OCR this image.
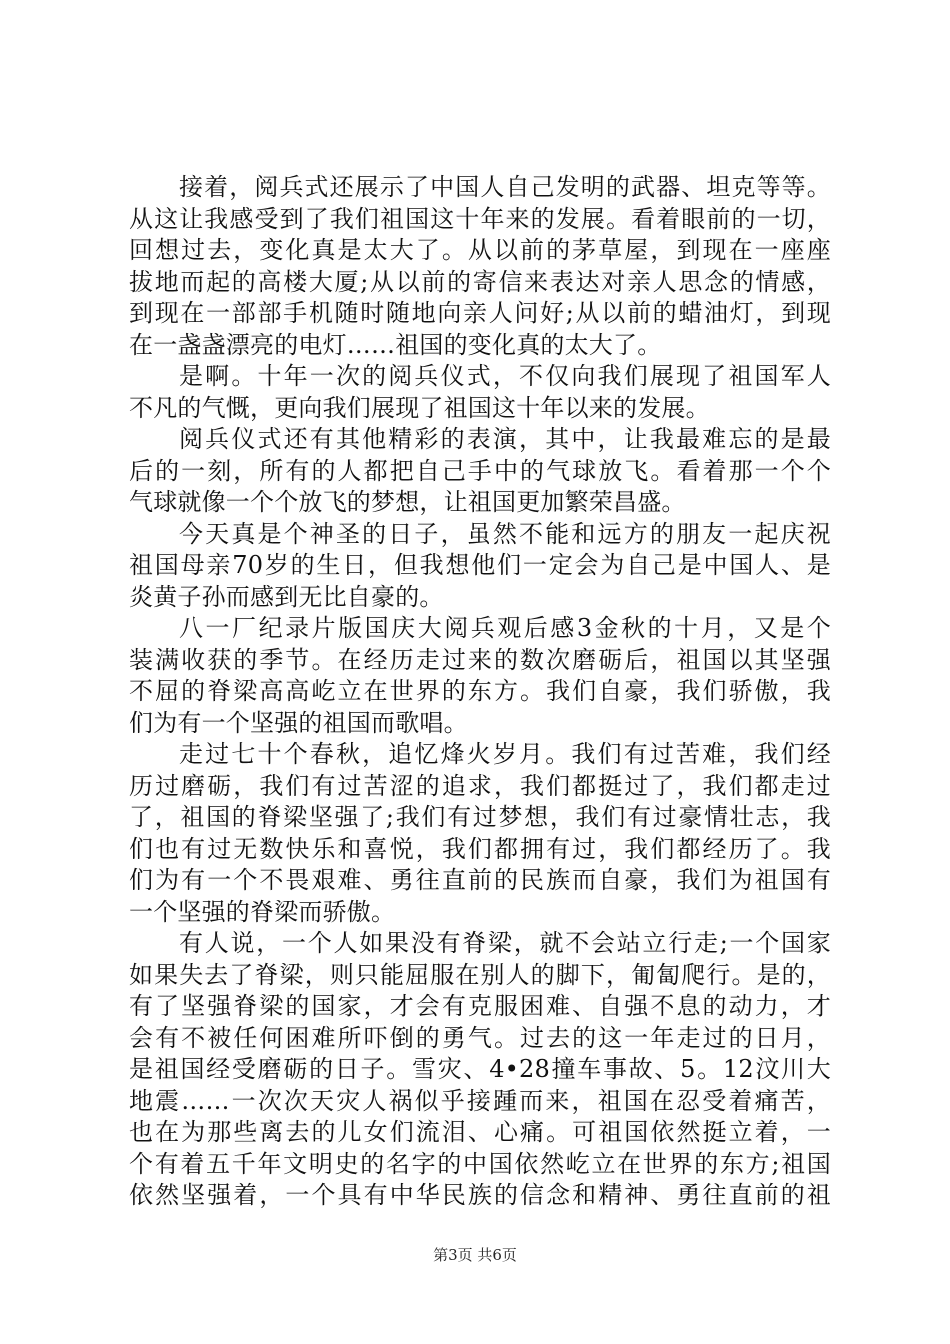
接着，阅兵式还展示了中国人自己发明的武器、坦克等等。
从这让我感受到了我们祖国这十年来的发展。看着眼前的一切，
回想过去，变化真是太大了。从以前的茅草屋，到现在一座座
拔地而起的高楼大厦;从以前的寄信来表达对亲人思念的情感，
到现在一部部手机随时随地向亲人问好;从以前的蜡油灯，到现
在一盏盏漂亮的电灯……祖国的变化真的太大了。
是啊。十年一次的阅兵仪式，不仅向我们展现了祖国军人
不凡的气慨，更向我们展现了祖国这十年以来的发展。
阅兵仪式还有其他精彩的表演，其中，让我最难忘的是最
后的一刻，所有的人都把自己手中的气球放飞。看着那一个个
气球就像一个个放飞的梦想，让祖国更加繁荣昌盛。
今天真是个神圣的日子，虽然不能和远方的朋友一起庆祝
祖国母亲70岁的生日，但我想他们一定会为自己是中国人、是
炎黄子孙而感到无比自豪的。
八一厂纪录片版国庆大阅兵观后感3金秋的十月，又是个
装满收获的季节。在经历走过来的数次磨砺后，祖国以其坚强
不屈的脊梁高高屹立在世界的东方。我们自豪，我们骄傲，我
们为有一个坚强的祖国而歌唱。
走过七十个春秋，追忆烽火岁月。我们有过苦难，我们经
历过磨砺，我们有过苦涩的追求，我们都挺过了，我们都走过
了，祖国的脊梁坚强了;我们有过梦想，我们有过豪情壮志，我
们也有过无数快乐和喜悦，我们都拥有过，我们都经历了。我
们为有一个不畏艰难、勇往直前的民族而自豪，我们为祖国有
一个坚强的脊梁而骄傲。
有人说，一个人如果没有脊梁，就不会站立行走;一个国家
如果失去了脊梁，则只能屈服在别人的脚下，匍匐爬行。是的，
有了坚强脊梁的国家，才会有克服困难、自强不息的动力，才
会有不被任何困难所吓倒的勇气。过去的这一年走过的日月，
是祖国经受磨砺的日子。雪灾、4•28撞车事故、5。12汶川大
地震……一次次天灾人祸似乎接踵而来，祖国在忍受着痛苦，
也在为那些离去的儿女们流泪、心痛。可祖国依然挺立着，一
个有着五千年文明史的名字的中国依然屹立在世界的东方;祖国
依然坚强着，一个具有中华民族的信念和精神、勇往直前的祖
第3页 共6页
